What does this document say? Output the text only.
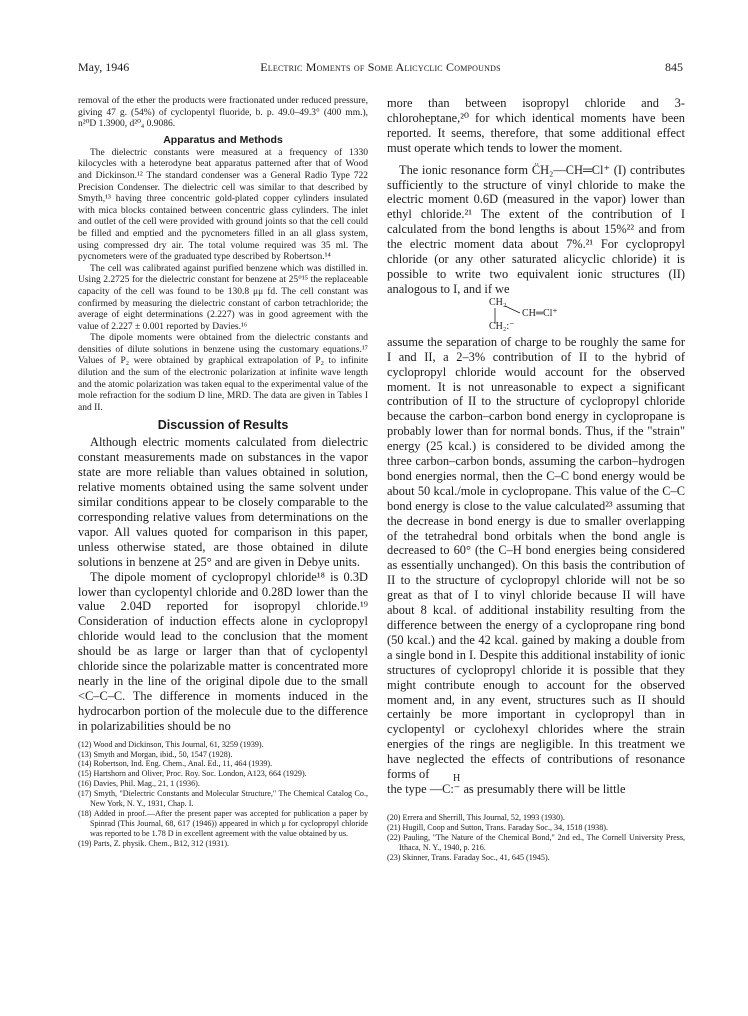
May, 1946	Electric Moments of Some Alicyclic Compounds	845

removal of the ether the products were fractionated under reduced pressure, giving 47 g. (54%) of cyclopentyl fluoride, b. p. 49.0–49.3° (400 mm.), n²⁰D 1.3900, d²⁰₄ 0.9086.

Apparatus and Methods

The dielectric constants were measured at a frequency of 1330 kilocycles with a heterodyne beat apparatus patterned after that of Wood and Dickinson.¹² The standard condenser was a General Radio Type 722 Precision Condenser. The dielectric cell was similar to that described by Smyth,¹³ having three concentric gold-plated copper cylinders insulated with mica blocks contained between concentric glass cylinders. The inlet and outlet of the cell were provided with ground joints so that the cell could be filled and emptied and the pycnometers filled in an all glass system, using compressed dry air. The total volume required was 35 ml. The pycnometers were of the graduated type described by Robertson.¹⁴

The cell was calibrated against purified benzene which was distilled in. Using 2.2725 for the dielectric constant for benzene at 25°¹⁵ the replaceable capacity of the cell was found to be 130.8 μμ fd. The cell constant was confirmed by measuring the dielectric constant of carbon tetrachloride; the average of eight determinations (2.227) was in good agreement with the value of 2.227 ± 0.001 reported by Davies.¹⁶

The dipole moments were obtained from the dielectric constants and densities of dilute solutions in benzene using the customary equations.¹⁷ Values of P₂ were obtained by graphical extrapolation of P₂ to infinite dilution and the sum of the electronic polarization at infinite wave length and the atomic polarization was taken equal to the experimental value of the mole refraction for the sodium D line, MRD. The data are given in Tables I and II.

Discussion of Results

Although electric moments calculated from dielectric constant measurements made on substances in the vapor state are more reliable than values obtained in solution, relative moments obtained using the same solvent under similar conditions appear to be closely comparable to the corresponding relative values from determinations on the vapor. All values quoted for comparison in this paper, unless otherwise stated, are those obtained in dilute solutions in benzene at 25° and are given in Debye units.

The dipole moment of cyclopropyl chloride¹⁸ is 0.3D lower than cyclopentyl chloride and 0.28D lower than the value 2.04D reported for isopropyl chloride.¹⁹ Consideration of induction effects alone in cyclopropyl chloride would lead to the conclusion that the moment should be as large or larger than that of cyclopentyl chloride since the polarizable matter is concentrated more nearly in the line of the original dipole due to the small <C–C–C. The difference in moments induced in the hydrocarbon portion of the molecule due to the difference in polarizabilities should be no

(12) Wood and Dickinson, This Journal, 61, 3259 (1939).
(13) Smyth and Morgan, ibid., 50, 1547 (1928).
(14) Robertson, Ind. Eng. Chem., Anal. Ed., 11, 464 (1939).
(15) Hartshorn and Oliver, Proc. Roy. Soc. London, A123, 664 (1929).
(16) Davies, Phil. Mag., 21, 1 (1936).
(17) Smyth, "Dielectric Constants and Molecular Structure," The Chemical Catalog Co., New York, N. Y., 1931, Chap. I.
(18) Added in proof.—After the present paper was accepted for publication a paper by Spinrad (This Journal, 68, 617 (1946)) appeared in which μ for cyclopropyl chloride was reported to be 1.78 D in excellent agreement with the value obtained by us.
(19) Parts, Z. physik. Chem., B12, 312 (1931).

more than between isopropyl chloride and 3-chloroheptane,²⁰ for which identical moments have been reported. It seems, therefore, that some additional effect must operate which tends to lower the moment.

The ionic resonance form C̈H₂—CH═Cl⁺ (I) contributes sufficiently to the structure of vinyl chloride to make the electric moment 0.6D (measured in the vapor) lower than ethyl chloride.²¹ The extent of the contribution of I calculated from the bond lengths is about 15%²² and from the electric moment data about 7%.²¹ For cyclopropyl chloride (or any other saturated alicyclic chloride) it is possible to write two equivalent ionic structures (II) analogous to I, and if we

CH₂
CH═Cl⁺
CH₂:⁻

assume the separation of charge to be roughly the same for I and II, a 2–3% contribution of II to the hybrid of cyclopropyl chloride would account for the observed moment. It is not unreasonable to expect a significant contribution of II to the structure of cyclopropyl chloride because the carbon–carbon bond energy in cyclopropane is probably lower than for normal bonds. Thus, if the "strain" energy (25 kcal.) is considered to be divided among the three carbon–carbon bonds, assuming the carbon–hydrogen bond energies normal, then the C–C bond energy would be about 50 kcal./mole in cyclopropane. This value of the C–C bond energy is close to the value calculated²³ assuming that the decrease in bond energy is due to smaller overlapping of the tetrahedral bond orbitals when the bond angle is decreased to 60° (the C–H bond energies being considered as essentially unchanged). On this basis the contribution of II to the structure of cyclopropyl chloride will not be so great as that of I to vinyl chloride because II will have about 8 kcal. of additional instability resulting from the difference between the energy of a cyclopropane ring bond (50 kcal.) and the 42 kcal. gained by making a double from a single bond in I. Despite this additional instability of ionic structures of cyclopropyl chloride it is possible that they might contribute enough to account for the observed moment and, in any event, structures such as II should certainly be more important in cyclopropyl than in cyclopentyl or cyclohexyl chlorides where the strain energies of the rings are negligible. In this treatment we have neglected the effects of contributions of resonance forms of	H
the type —C:⁻ as presumably there will be little
(20) Errera and Sherrill, This Journal, 52, 1993 (1930).
(21) Hugill, Coop and Sutton, Trans. Faraday Soc., 34, 1518 (1938).
(22) Pauling, "The Nature of the Chemical Bond," 2nd ed., The Cornell University Press, Ithaca, N. Y., 1940, p. 216.
(23) Skinner, Trans. Faraday Soc., 41, 645 (1945).
